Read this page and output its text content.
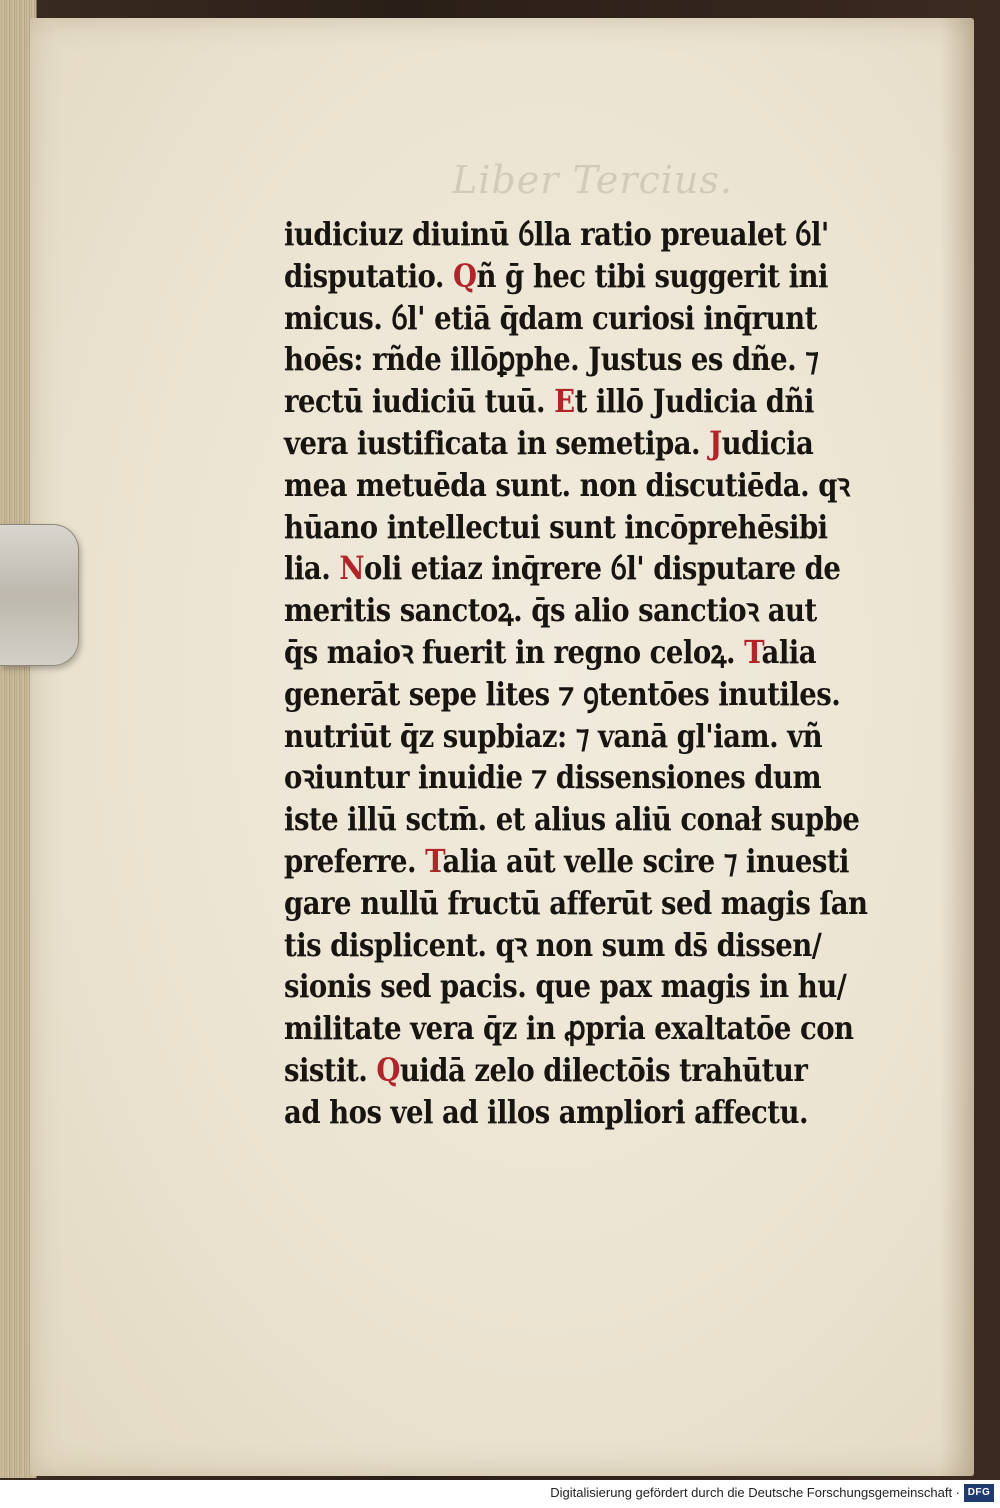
Liber Tercius.
iudiciuz diuinū ỽlla ratio preualet ỽl'
disputatio. Qñ ḡ hec tibi suggerit ini
micus. ỽl' etiā q̄dam curiosi inq̄runt
hoēs: rñde illōꝑphe. Justus es dñe. ⁊
rectū iudiciū tuū. Et illō Judicia dñi
vera iustificata in semetipa. Judicia
mea metuēda sunt. non discutiēda. qꝛ
hūano intellectui sunt incōprehēsibi
lia. Noli etiaz inq̄rere ỽl' disputare de
meritis sanctoꝝ. q̄s alio sanctioꝛ aut
q̄s maioꝛ fuerit in regno celoꝝ. Talia
generāt sepe lites ⁊ ꝯtentōes inutiles.
nutriūt q̄z supbiaz: ⁊ vanā gl'iam. vñ
oꝛiuntur inuidie ⁊ dissensiones dum
iste illū sctm̄. et alius aliū conał supbe
preferre. Talia aūt velle scire ⁊ inuesti
gare nullū fructū afferūt sed magis ſan
tis displicent. qꝛ non sum ds̄ dissen/
sionis sed pacis. que pax magis in hu/
militate vera q̄z in ꝓpria exaltatōe con
sistit. Quidā zelo dilectōis trahūtur
ad hos vel ad illos ampliori affectu.
Digitalisierung gefördert durch die Deutsche Forschungsgemeinschaft · DFG
